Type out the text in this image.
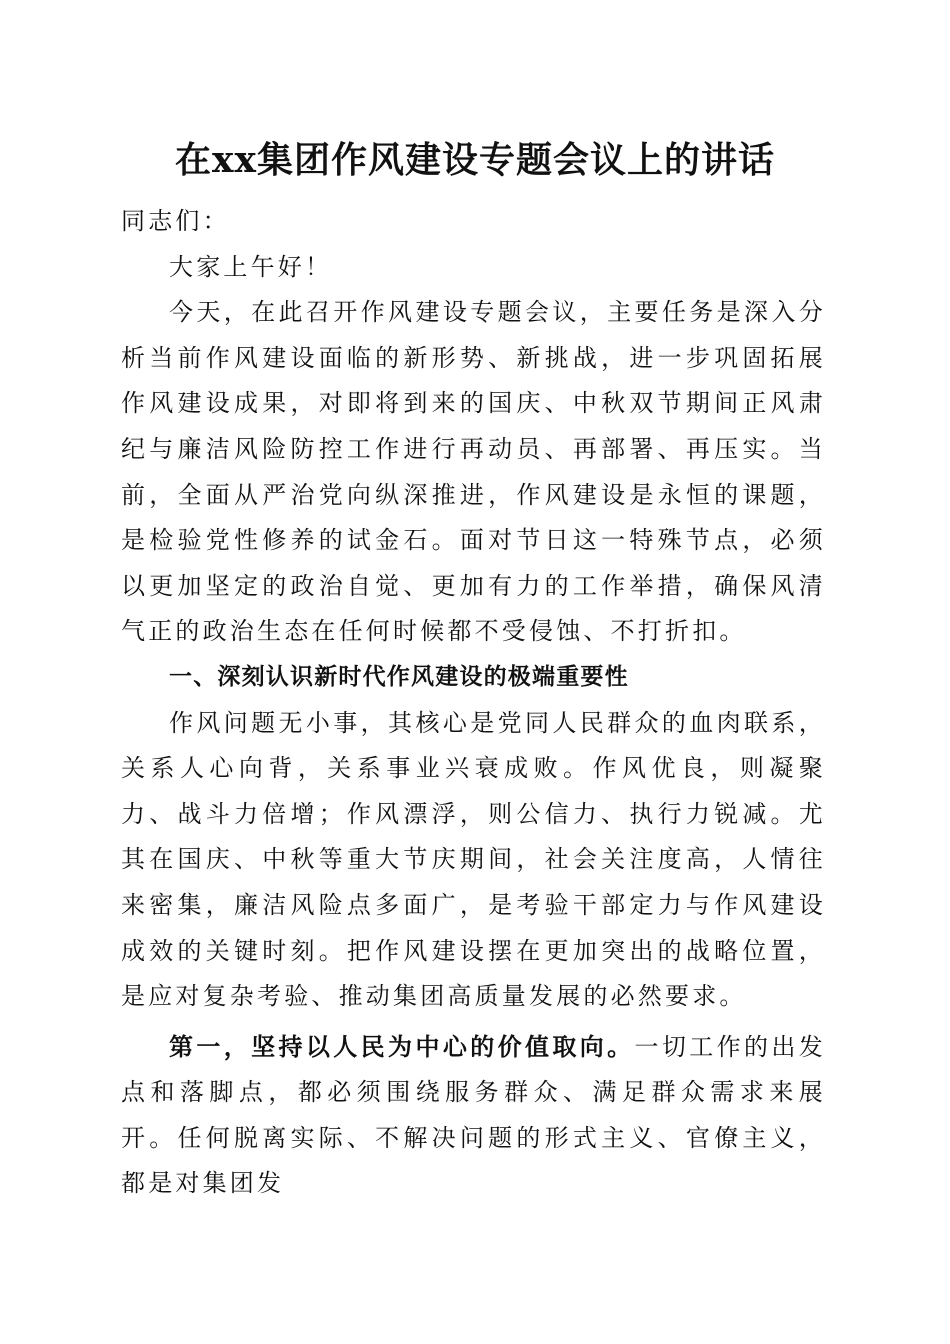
在xx集团作风建设专题会议上的讲话

同志们：

大家上午好！

今天，在此召开作风建设专题会议，主要任务是深入分析当前作风建设面临的新形势、新挑战，进一步巩固拓展作风建设成果，对即将到来的国庆、中秋双节期间正风肃纪与廉洁风险防控工作进行再动员、再部署、再压实。当前，全面从严治党向纵深推进，作风建设是永恒的课题，是检验党性修养的试金石。面对节日这一特殊节点，必须以更加坚定的政治自觉、更加有力的工作举措，确保风清气正的政治生态在任何时候都不受侵蚀、不打折扣。

一、深刻认识新时代作风建设的极端重要性

作风问题无小事，其核心是党同人民群众的血肉联系，关系人心向背，关系事业兴衰成败。作风优良，则凝聚力、战斗力倍增；作风漂浮，则公信力、执行力锐减。尤其在国庆、中秋等重大节庆期间，社会关注度高，人情往来密集，廉洁风险点多面广，是考验干部定力与作风建设成效的关键时刻。把作风建设摆在更加突出的战略位置，是应对复杂考验、推动集团高质量发展的必然要求。

第一，坚持以人民为中心的价值取向。一切工作的出发点和落脚点，都必须围绕服务群众、满足群众需求来展开。任何脱离实际、不解决问题的形式主义、官僚主义，都是对集团发
